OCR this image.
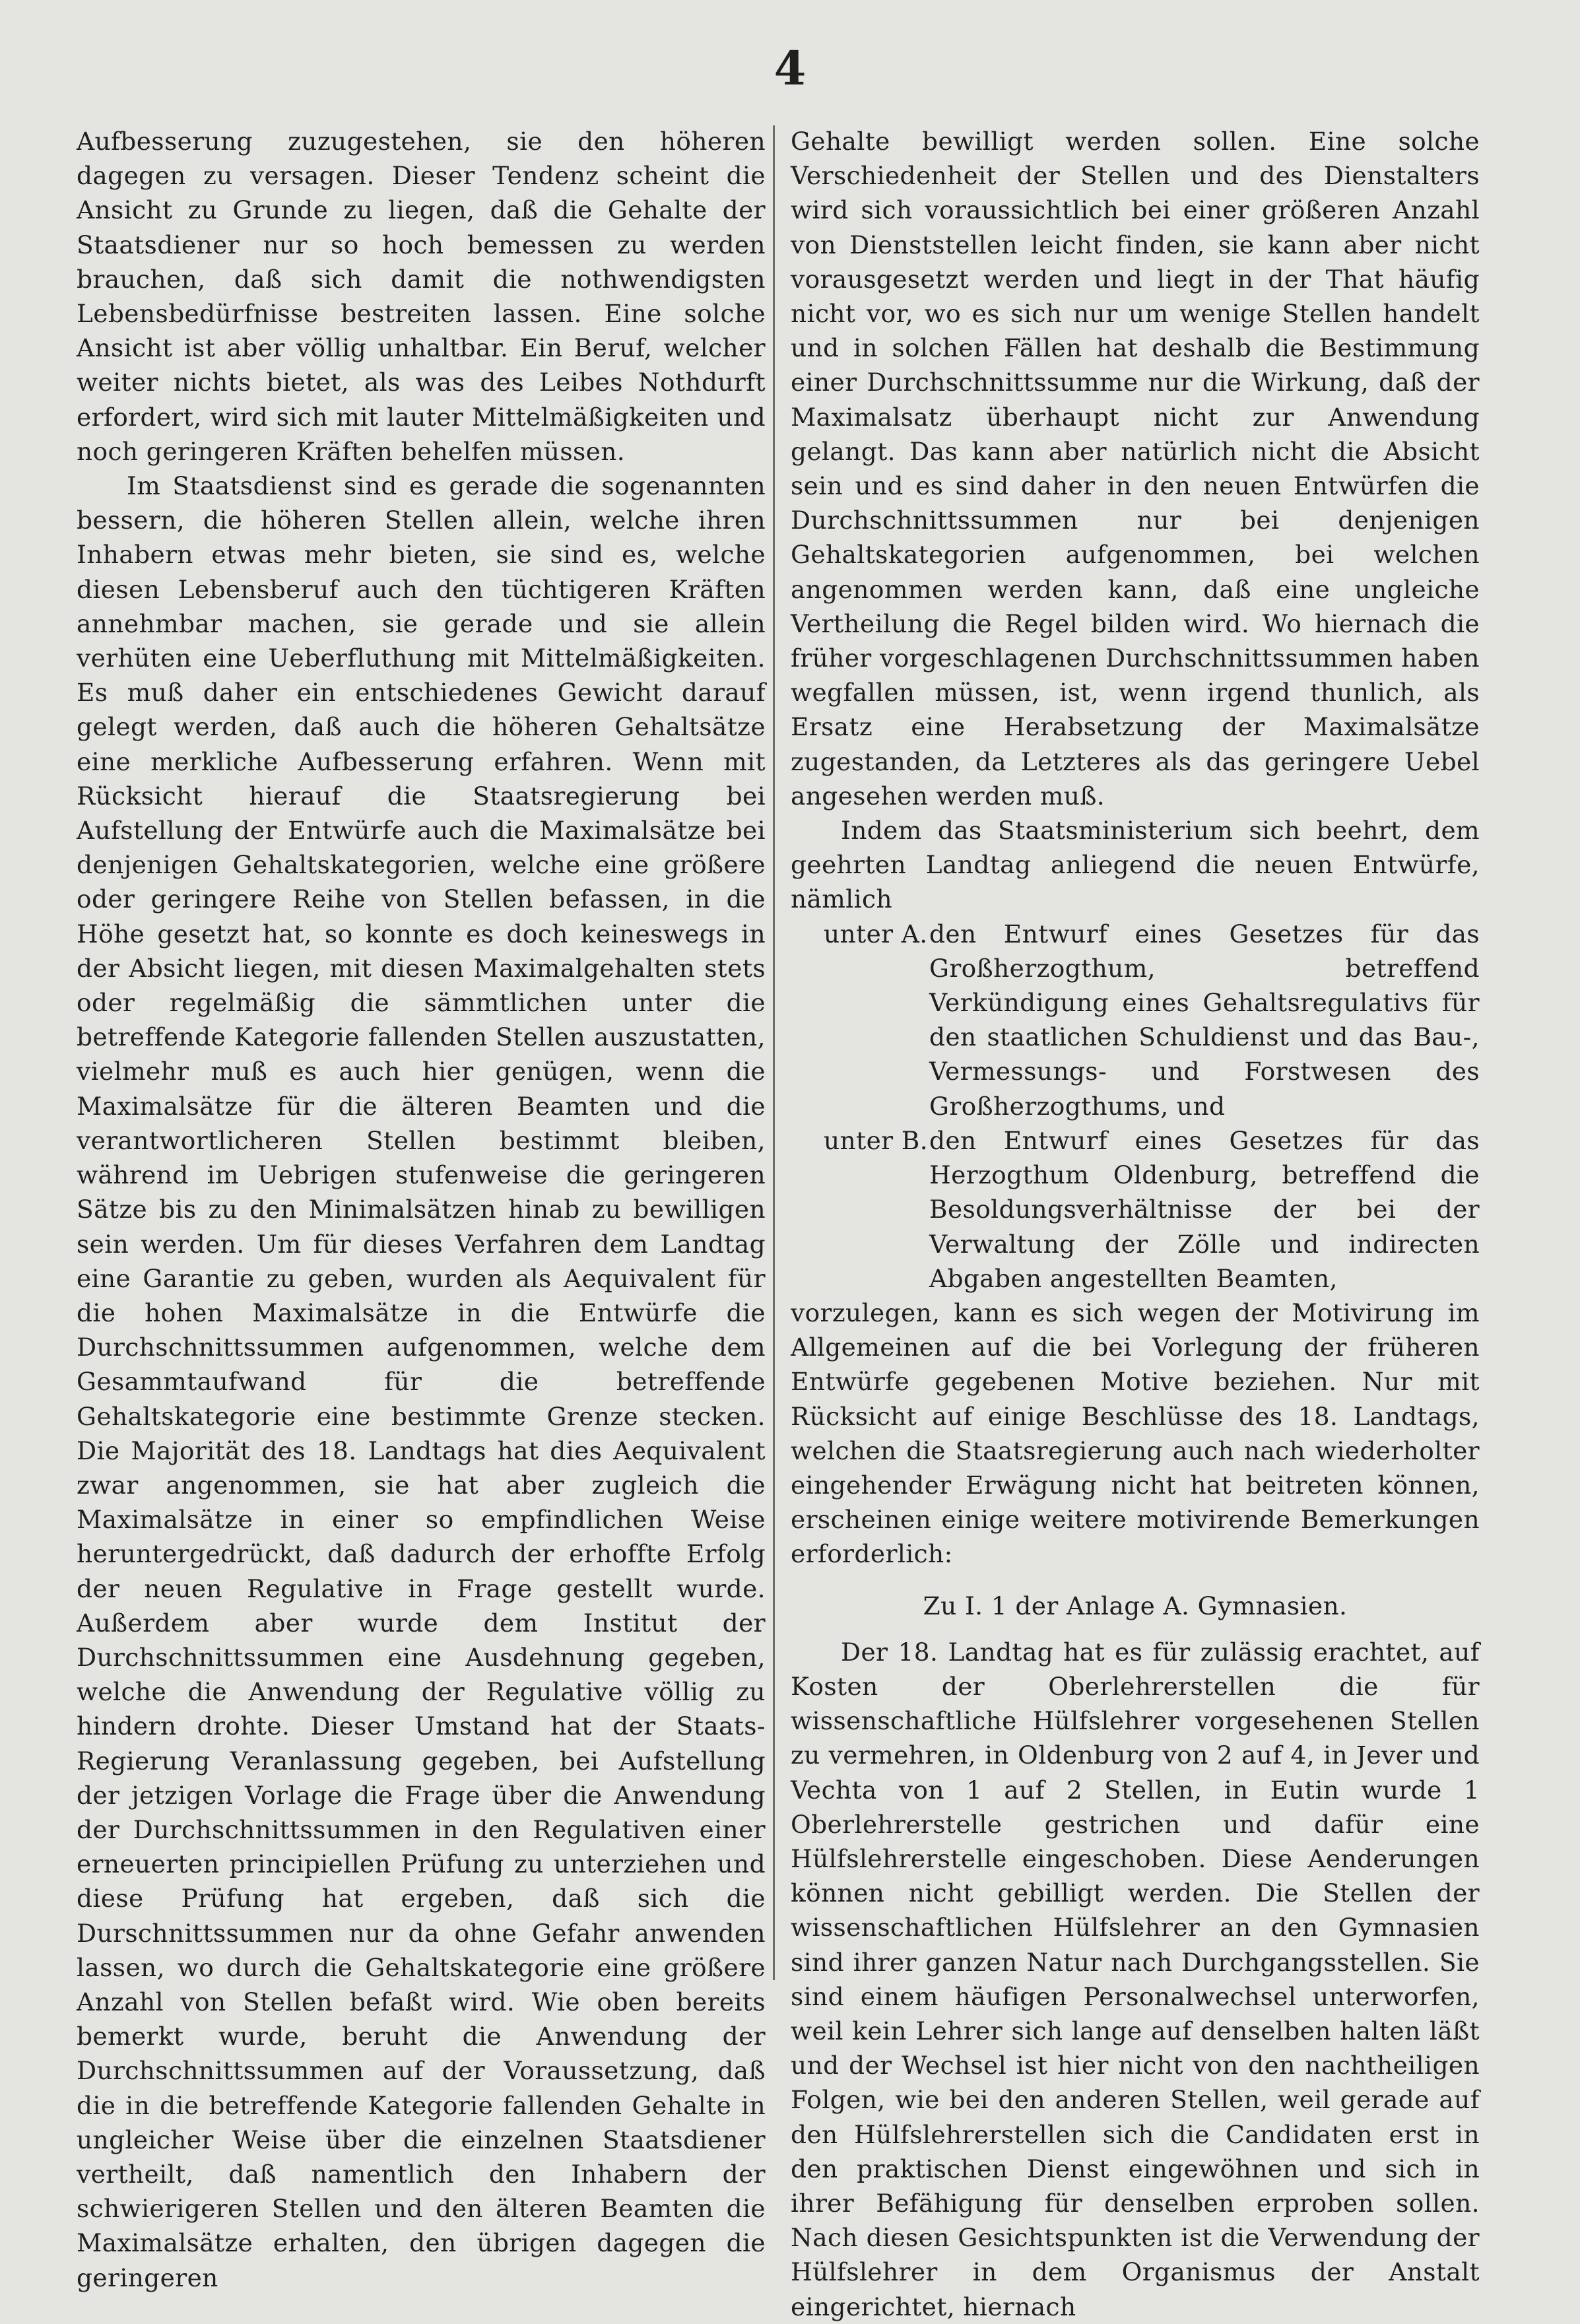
4

Aufbesserung zuzugestehen, sie den höheren dagegen zu versagen. Dieser Tendenz scheint die Ansicht zu Grunde zu liegen, daß die Gehalte der Staatsdiener nur so hoch bemessen zu werden brauchen, daß sich damit die nothwendigsten Lebensbedürfnisse bestreiten lassen. Eine solche Ansicht ist aber völlig unhaltbar. Ein Beruf, welcher weiter nichts bietet, als was des Leibes Nothdurft erfordert, wird sich mit lauter Mittelmäßigkeiten und noch geringeren Kräften behelfen müssen.

Im Staatsdienst sind es gerade die sogenannten bessern, die höheren Stellen allein, welche ihren Inhabern etwas mehr bieten, sie sind es, welche diesen Lebensberuf auch den tüchtigeren Kräften annehmbar machen, sie gerade und sie allein verhüten eine Ueberfluthung mit Mittelmäßigkeiten. Es muß daher ein entschiedenes Gewicht darauf gelegt werden, daß auch die höheren Gehaltsätze eine merkliche Aufbesserung erfahren. Wenn mit Rücksicht hierauf die Staatsregierung bei Aufstellung der Entwürfe auch die Maximalsätze bei denjenigen Gehaltskategorien, welche eine größere oder geringere Reihe von Stellen befassen, in die Höhe gesetzt hat, so konnte es doch keineswegs in der Absicht liegen, mit diesen Maximalgehalten stets oder regelmäßig die sämmtlichen unter die betreffende Kategorie fallenden Stellen auszustatten, vielmehr muß es auch hier genügen, wenn die Maximalsätze für die älteren Beamten und die verantwortlicheren Stellen bestimmt bleiben, während im Uebrigen stufenweise die geringeren Sätze bis zu den Minimalsätzen hinab zu bewilligen sein werden. Um für dieses Verfahren dem Landtag eine Garantie zu geben, wurden als Aequivalent für die hohen Maximalsätze in die Entwürfe die Durchschnittssummen aufgenommen, welche dem Gesammtaufwand für die betreffende Gehaltskategorie eine bestimmte Grenze stecken. Die Majorität des 18. Landtags hat dies Aequivalent zwar angenommen, sie hat aber zugleich die Maximalsätze in einer so empfindlichen Weise heruntergedrückt, daß dadurch der erhoffte Erfolg der neuen Regulative in Frage gestellt wurde. Außerdem aber wurde dem Institut der Durchschnittssummen eine Ausdehnung gegeben, welche die Anwendung der Regulative völlig zu hindern drohte. Dieser Umstand hat der Staats-Regierung Veranlassung gegeben, bei Aufstellung der jetzigen Vorlage die Frage über die Anwendung der Durchschnittssummen in den Regulativen einer erneuerten principiellen Prüfung zu unterziehen und diese Prüfung hat ergeben, daß sich die Durschnittssummen nur da ohne Gefahr anwenden lassen, wo durch die Gehaltskategorie eine größere Anzahl von Stellen befaßt wird. Wie oben bereits bemerkt wurde, beruht die Anwendung der Durchschnittssummen auf der Voraussetzung, daß die in die betreffende Kategorie fallenden Gehalte in ungleicher Weise über die einzelnen Staatsdiener vertheilt, daß namentlich den Inhabern der schwierigeren Stellen und den älteren Beamten die Maximalsätze erhalten, den übrigen dagegen die geringeren

Gehalte bewilligt werden sollen. Eine solche Verschiedenheit der Stellen und des Dienstalters wird sich voraussichtlich bei einer größeren Anzahl von Dienststellen leicht finden, sie kann aber nicht vorausgesetzt werden und liegt in der That häufig nicht vor, wo es sich nur um wenige Stellen handelt und in solchen Fällen hat deshalb die Bestimmung einer Durchschnittssumme nur die Wirkung, daß der Maximalsatz überhaupt nicht zur Anwendung gelangt. Das kann aber natürlich nicht die Absicht sein und es sind daher in den neuen Entwürfen die Durchschnittssummen nur bei denjenigen Gehaltskategorien aufgenommen, bei welchen angenommen werden kann, daß eine ungleiche Vertheilung die Regel bilden wird. Wo hiernach die früher vorgeschlagenen Durchschnittssummen haben wegfallen müssen, ist, wenn irgend thunlich, als Ersatz eine Herabsetzung der Maximalsätze zugestanden, da Letzteres als das geringere Uebel angesehen werden muß.

Indem das Staatsministerium sich beehrt, dem geehrten Landtag anliegend die neuen Entwürfe, nämlich

unter A. den Entwurf eines Gesetzes für das Großherzogthum, betreffend Verkündigung eines Gehaltsregulativs für den staatlichen Schuldienst und das Bau-, Vermessungs- und Forstwesen des Großherzogthums, und
unter B. den Entwurf eines Gesetzes für das Herzogthum Oldenburg, betreffend die Besoldungsverhältnisse der bei der Verwaltung der Zölle und indirecten Abgaben angestellten Beamten,

vorzulegen, kann es sich wegen der Motivirung im Allgemeinen auf die bei Vorlegung der früheren Entwürfe gegebenen Motive beziehen. Nur mit Rücksicht auf einige Beschlüsse des 18. Landtags, welchen die Staatsregierung auch nach wiederholter eingehender Erwägung nicht hat beitreten können, erscheinen einige weitere motivirende Bemerkungen erforderlich:

Zu I. 1 der Anlage A. Gymnasien.

Der 18. Landtag hat es für zulässig erachtet, auf Kosten der Oberlehrerstellen die für wissenschaftliche Hülfslehrer vorgesehenen Stellen zu vermehren, in Oldenburg von 2 auf 4, in Jever und Vechta von 1 auf 2 Stellen, in Eutin wurde 1 Oberlehrerstelle gestrichen und dafür eine Hülfslehrerstelle eingeschoben. Diese Aenderungen können nicht gebilligt werden. Die Stellen der wissenschaftlichen Hülfslehrer an den Gymnasien sind ihrer ganzen Natur nach Durchgangsstellen. Sie sind einem häufigen Personalwechsel unterworfen, weil kein Lehrer sich lange auf denselben halten läßt und der Wechsel ist hier nicht von den nachtheiligen Folgen, wie bei den anderen Stellen, weil gerade auf den Hülfslehrerstellen sich die Candidaten erst in den praktischen Dienst eingewöhnen und sich in ihrer Befähigung für denselben erproben sollen. Nach diesen Gesichtspunkten ist die Verwendung der Hülfslehrer in dem Organismus der Anstalt eingerichtet, hiernach
